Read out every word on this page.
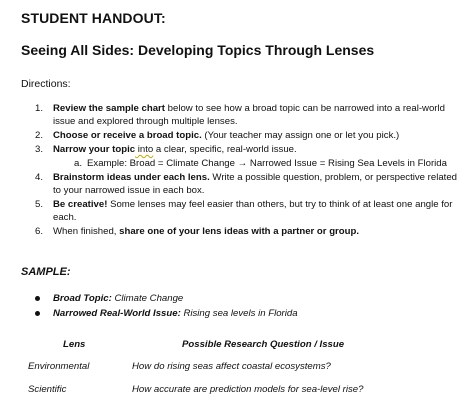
STUDENT HANDOUT:
Seeing All Sides: Developing Topics Through Lenses
Directions:
1. Review the sample chart below to see how a broad topic can be narrowed into a real-world issue and explored through multiple lenses.
2. Choose or receive a broad topic. (Your teacher may assign one or let you pick.)
3. Narrow your topic into a clear, specific, real-world issue.
a. Example: Broad = Climate Change → Narrowed Issue = Rising Sea Levels in Florida
4. Brainstorm ideas under each lens. Write a possible question, problem, or perspective related to your narrowed issue in each box.
5. Be creative! Some lenses may feel easier than others, but try to think of at least one angle for each.
6. When finished, share one of your lens ideas with a partner or group.
SAMPLE:
Broad Topic: Climate Change
Narrowed Real-World Issue: Rising sea levels in Florida
Lens	Possible Research Question / Issue
Environmental	How do rising seas affect coastal ecosystems?
Scientific	How accurate are prediction models for sea-level rise?
